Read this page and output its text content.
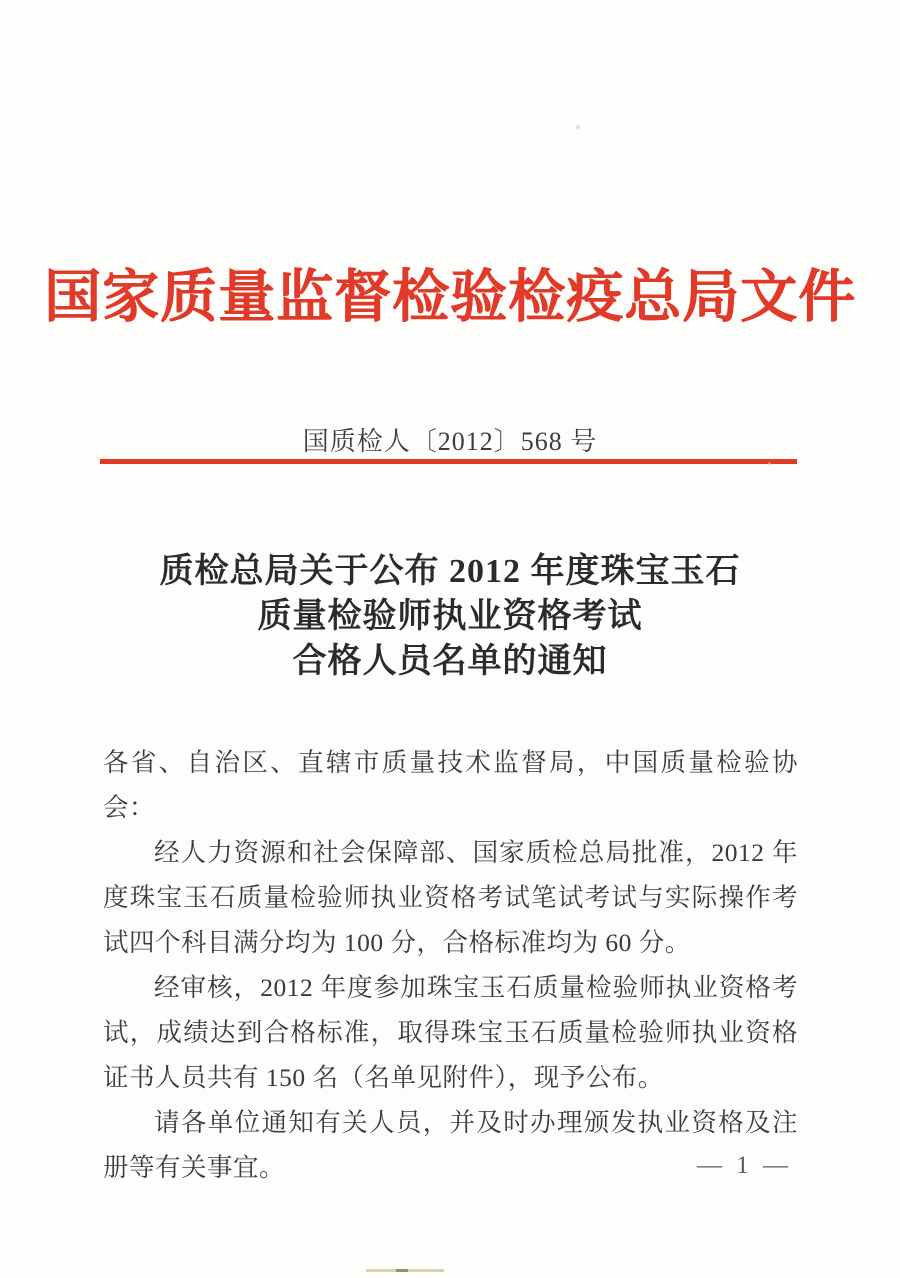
国家质量监督检验检疫总局文件
国质检人〔2012〕568 号
质检总局关于公布 2012 年度珠宝玉石
质量检验师执业资格考试
合格人员名单的通知

各省、自治区、直辖市质量技术监督局，中国质量检验协会：

经人力资源和社会保障部、国家质检总局批准，2012 年度珠宝玉石质量检验师执业资格考试笔试考试与实际操作考试四个科目满分均为 100 分，合格标准均为 60 分。

经审核，2012 年度参加珠宝玉石质量检验师执业资格考试，成绩达到合格标准，取得珠宝玉石质量检验师执业资格证书人员共有 150 名（名单见附件），现予公布。

请各单位通知有关人员，并及时办理颁发执业资格及注册等有关事宜。	— 1 —
